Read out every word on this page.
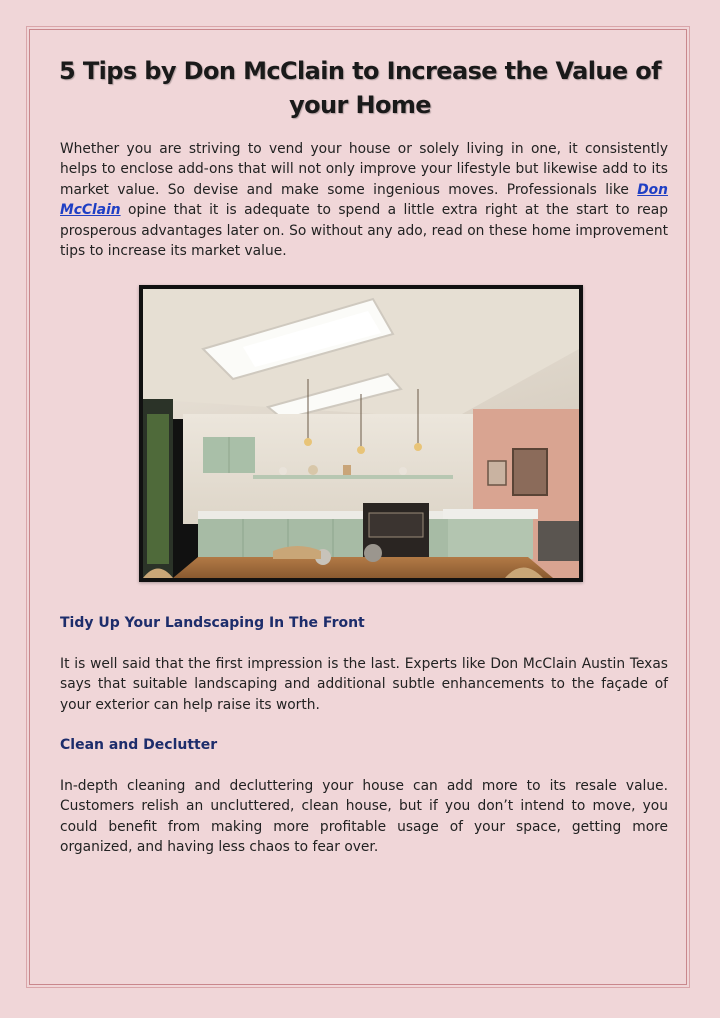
5 Tips by Don McClain to Increase the Value of your Home

Whether you are striving to vend your house or solely living in one, it consistently helps to enclose add-ons that will not only improve your lifestyle but likewise add to its market value. So devise and make some ingenious moves. Professionals like Don McClain opine that it is adequate to spend a little extra right at the start to reap prosperous advantages later on. So without any ado, read on these home improvement tips to increase its market value.

Tidy Up Your Landscaping In The Front

It is well said that the first impression is the last. Experts like Don McClain Austin Texas says that suitable landscaping and additional subtle enhancements to the façade of your exterior can help raise its worth.

Clean and Declutter

In-depth cleaning and decluttering your house can add more to its resale value. Customers relish an uncluttered, clean house, but if you don’t intend to move, you could benefit from making more profitable usage of your space, getting more organized, and having less chaos to fear over.
